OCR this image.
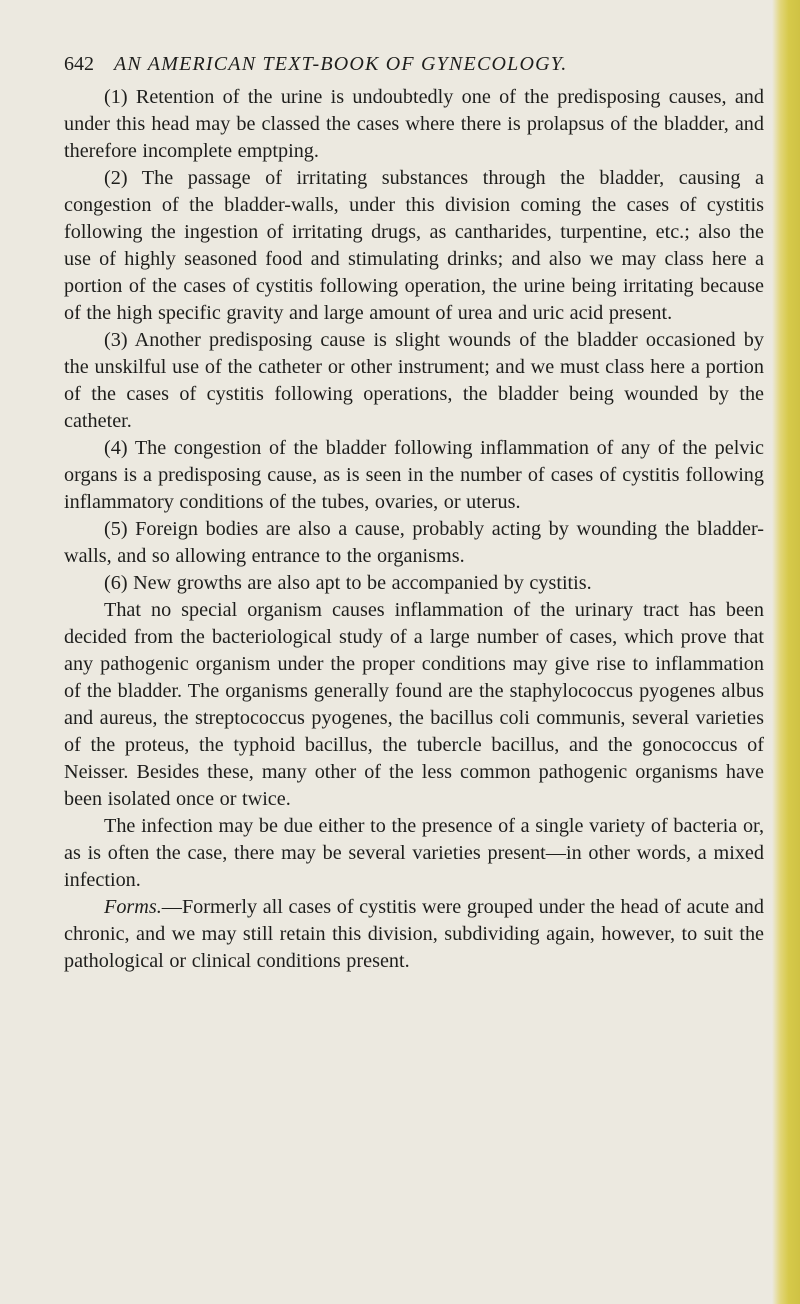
642 AN AMERICAN TEXT-BOOK OF GYNECOLOGY.

(1) Retention of the urine is undoubtedly one of the predisposing causes, and under this head may be classed the cases where there is prolapsus of the bladder, and therefore incomplete emptping.

(2) The passage of irritating substances through the bladder, causing a congestion of the bladder-walls, under this division coming the cases of cystitis following the ingestion of irritating drugs, as cantharides, turpentine, etc.; also the use of highly seasoned food and stimulating drinks; and also we may class here a portion of the cases of cystitis following operation, the urine being irritating because of the high specific gravity and large amount of urea and uric acid present.

(3) Another predisposing cause is slight wounds of the bladder occasioned by the unskilful use of the catheter or other instrument; and we must class here a portion of the cases of cystitis following operations, the bladder being wounded by the catheter.

(4) The congestion of the bladder following inflammation of any of the pelvic organs is a predisposing cause, as is seen in the number of cases of cystitis following inflammatory conditions of the tubes, ovaries, or uterus.

(5) Foreign bodies are also a cause, probably acting by wounding the bladder-walls, and so allowing entrance to the organisms.

(6) New growths are also apt to be accompanied by cystitis.

That no special organism causes inflammation of the urinary tract has been decided from the bacteriological study of a large number of cases, which prove that any pathogenic organism under the proper conditions may give rise to inflammation of the bladder. The organisms generally found are the staphylococcus pyogenes albus and aureus, the streptococcus pyogenes, the bacillus coli communis, several varieties of the proteus, the typhoid bacillus, the tubercle bacillus, and the gonococcus of Neisser. Besides these, many other of the less common pathogenic organisms have been isolated once or twice.

The infection may be due either to the presence of a single variety of bacteria or, as is often the case, there may be several varieties present—in other words, a mixed infection.

Forms.—Formerly all cases of cystitis were grouped under the head of acute and chronic, and we may still retain this division, subdividing again, however, to suit the pathological or clinical conditions present.
